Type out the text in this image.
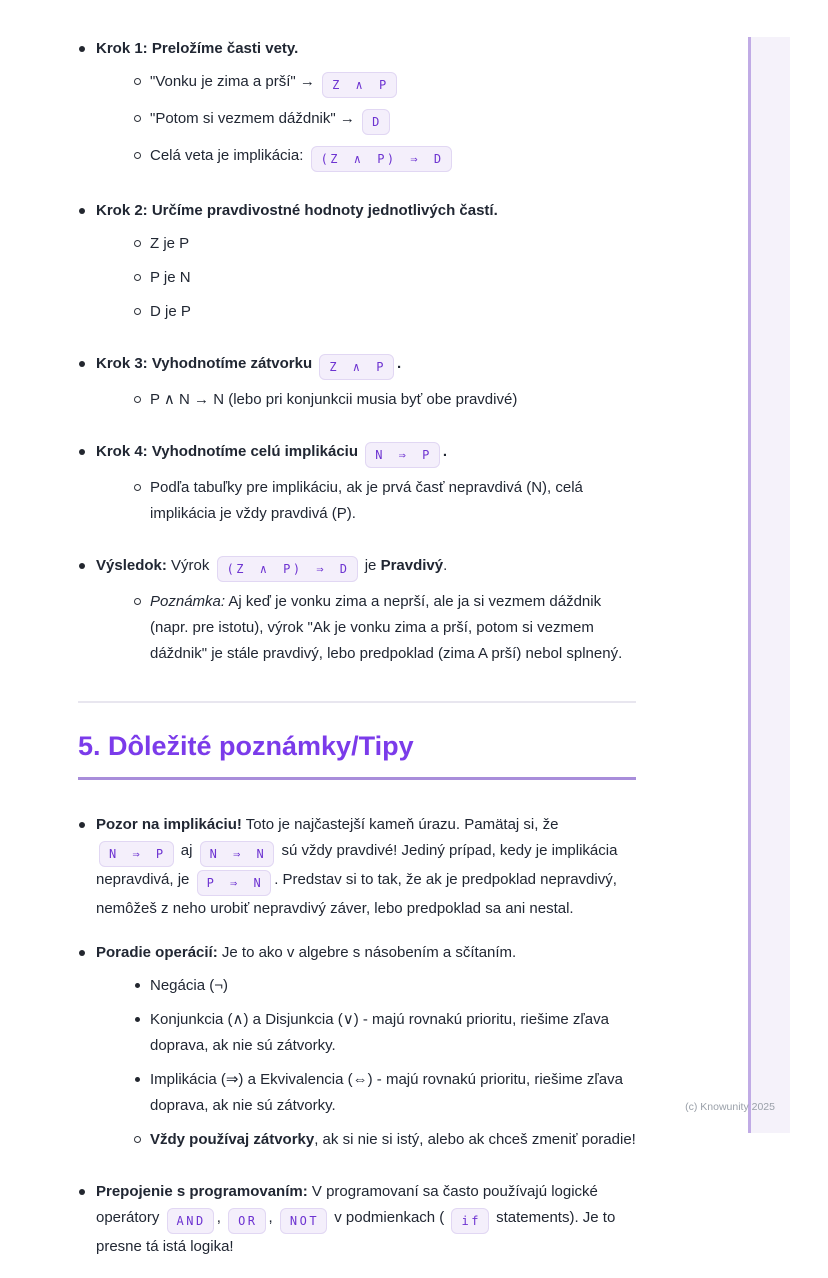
Krok 1: Preložíme časti vety.
"Vonku je zima a prší" → Z ∧ P
"Potom si vezmem dáždnik" → D
Celá veta je implikácia: (Z ∧ P) ⇒ D
Krok 2: Určíme pravdivostné hodnoty jednotlivých častí.
Z je P
P je N
D je P
Krok 3: Vyhodnotíme zátvorku Z ∧ P .
P ∧ N → N (lebo pri konjunkcii musia byť obe pravdivé)
Krok 4: Vyhodnotíme celú implikáciu N ⇒ P .
Podľa tabuľky pre implikáciu, ak je prvá časť nepravdivá (N), celá implikácia je vždy pravdivá (P).
Výsledok: Výrok (Z ∧ P) ⇒ D je Pravdivý.
Poznámka: Aj keď je vonku zima a neprší, ale ja si vezmem dáždnik (napr. pre istotu), výrok "Ak je vonku zima a prší, potom si vezmem dáždnik" je stále pravdivý, lebo predpoklad (zima A prší) nebol splnený.
5. Dôležité poznámky/Tipy
Pozor na implikáciu! Toto je najčastejší kameň úrazu. Pamätaj si, že N ⇒ P aj N ⇒ N sú vždy pravdivé! Jediný prípad, kedy je implikácia nepravdivá, je P ⇒ N . Predstav si to tak, že ak je predpoklad nepravdivý, nemôžeš z neho urobiť nepravdivý záver, lebo predpoklad sa ani nestal.
Poradie operácií: Je to ako v algebre s násobením a sčítaním.
Negácia (¬)
Konjunkcia (∧) a Disjunkcia (∨) - majú rovnakú prioritu, riešime zľava doprava, ak nie sú zátvorky.
Implikácia (⇒) a Ekvivalencia (⇔) - majú rovnakú prioritu, riešime zľava doprava, ak nie sú zátvorky.
Vždy používaj zátvorky, ak si nie si istý, alebo ak chceš zmeniť poradie!
Prepojenie s programovaním: V programovaní sa často používajú logické operátory AND , OR , NOT v podmienkach ( if statements). Je to presne tá istá logika!
(c) Knowunity 2025
